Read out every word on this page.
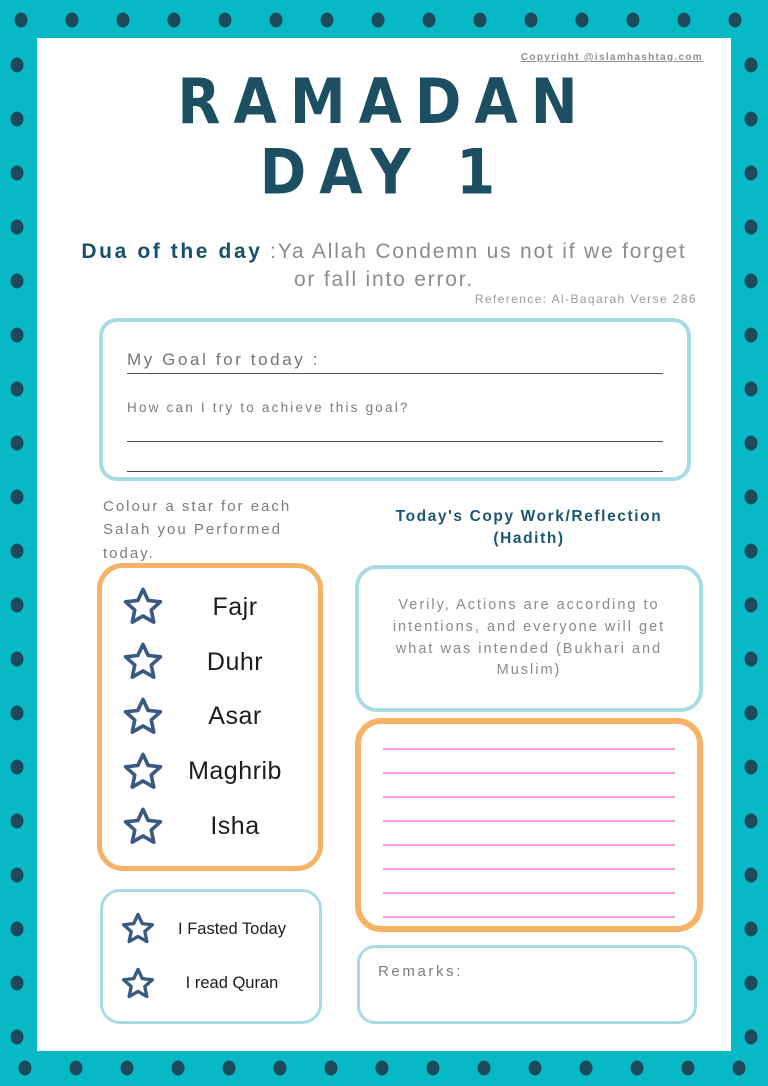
Copyright @islamhashtag.com
RAMADAN
DAY 1
Dua of the day :Ya Allah Condemn us not if we forget or fall into error.
Reference: Al-Baqarah Verse 286
My Goal for today :
How can I try to achieve this goal?
Colour a star for each Salah you Performed today.
Today's Copy Work/Reflection
(Hadith)
Fajr
Duhr
Asar
Maghrib
Isha
Verily, Actions are according to intentions, and everyone will get what was intended (Bukhari and Muslim)
I Fasted Today
I read Quran
Remarks:
